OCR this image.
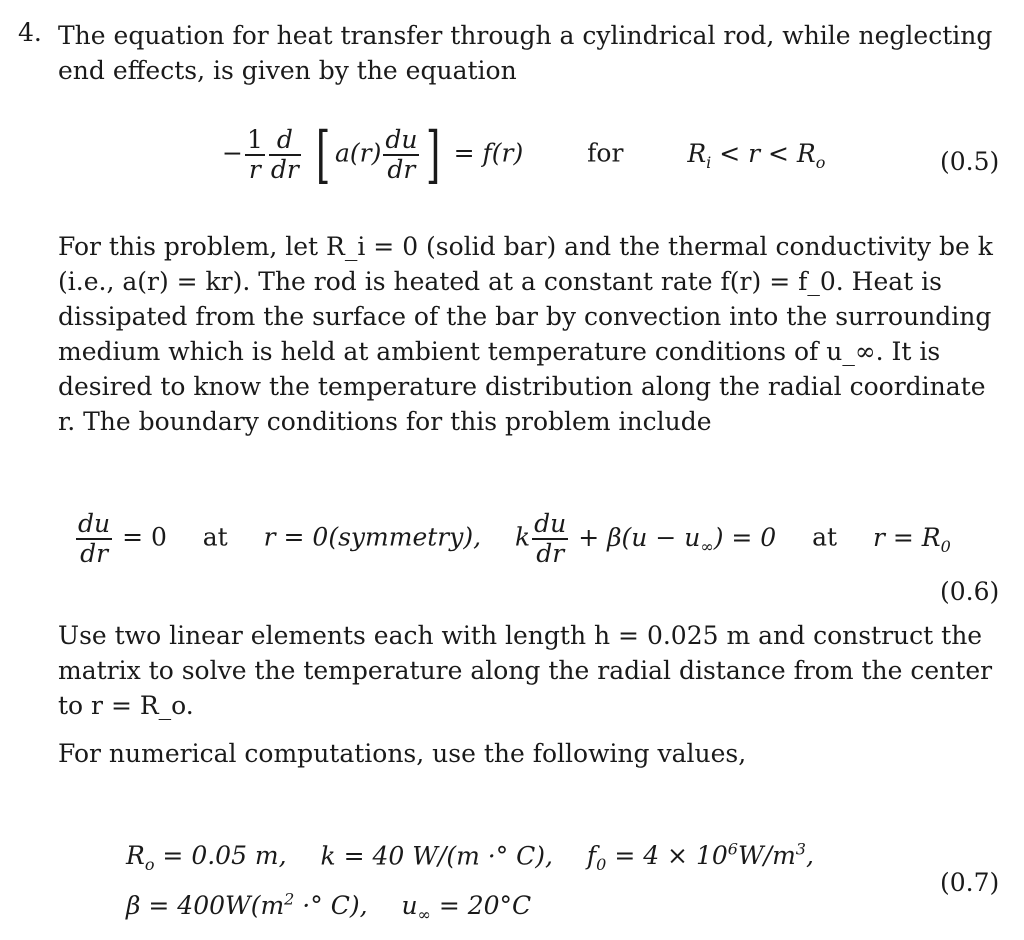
4. The equation for heat transfer through a cylindrical rod, while neglecting
end effects, is given by the equation
− $\frac{1}{r} \frac{d}{dr}$ [ $a(r) \frac{du}{dr}$ ] = f(r)	for	$R_i < r < R_o$	(0.5)
For this problem, let R_i = 0 (solid bar) and the thermal conductivity be k
(i.e., a(r) = kr). The rod is heated at a constant rate f(r) = f_0. Heat is
dissipated from the surface of the bar by convection into the surrounding
medium which is held at ambient temperature conditions of u_∞. It is
desired to know the temperature distribution along the radial coordinate
r. The boundary conditions for this problem include
$\frac{du}{dr} = 0$ at r = 0(symmetry), k $\frac{du}{dr} + \beta(u - u_\infty) = 0$ at $r = R_0$
(0.6)
Use two linear elements each with length h = 0.025 m and construct the
matrix to solve the temperature along the radial distance from the center
to r = R_o.
For numerical computations, use the following values,
$R_o = 0.05$ m, k = 40 W/(m ·° C), $f_0 = 4 \times 10^6W/m^3$,
$\beta = 400W(m^2$ ·° C), $u_\infty = 20^\circ C$
(0.7)
